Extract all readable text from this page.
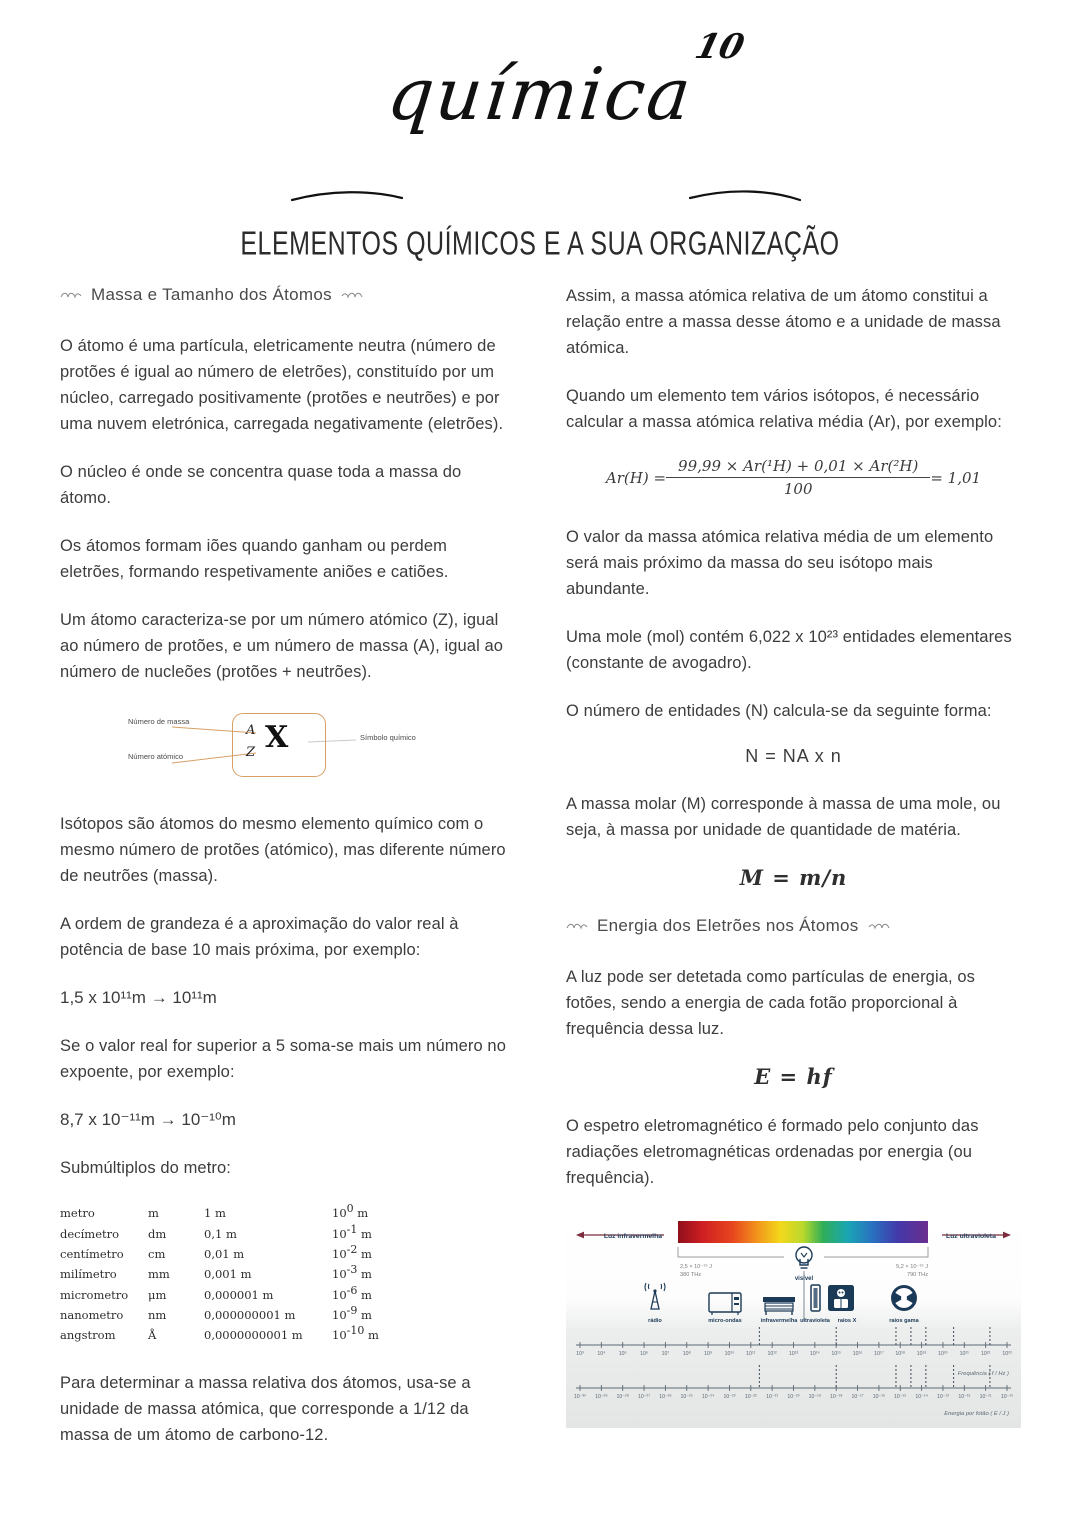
química
10
ELEMENTOS QUÍMICOS E A SUA ORGANIZAÇÃO
Massa e Tamanho dos Átomos

O átomo é uma partícula, eletricamente neutra (número de protões é igual ao número de eletrões), constituído por um núcleo, carregado positivamente (protões e neutrões) e por uma nuvem eletrónica, carregada negativamente (eletrões).

O núcleo é onde se concentra quase toda a massa do átomo.

Os átomos formam iões quando ganham ou perdem eletrões, formando respetivamente aniões e catiões.

Um átomo caracteriza-se por um número atómico (Z), igual ao número de protões, e um número de massa (A), igual ao número de nucleões (protões + neutrões).

A
Z X
Número de massa
Número atómico
Símbolo químico

Isótopos são átomos do mesmo elemento químico com o mesmo número de protões (atómico), mas diferente número de neutrões (massa).

A ordem de grandeza é a aproximação do valor real à potência de base 10 mais próxima, por exemplo:

1,5 x 10¹¹m → 10¹¹m

Se o valor real for superior a 5 soma-se mais um número no expoente, por exemplo:

8,7 x 10⁻¹¹m → 10⁻¹⁰m

Submúltiplos do metro:

metro	m	1 m	$10^0$ m
decímetro	dm	0,1 m	$10^{-1}$ m
centímetro	cm	0,01 m	$10^{-2}$ m
milímetro	mm	0,001 m	$10^{-3}$ m
micrometro	μm	0,000001 m	$10^{-6}$ m
nanometro	nm	0,000000001 m	$10^{-9}$ m
angstrom	Å	0,0000000001 m	$10^{-10}$ m

Para determinar a massa relativa dos átomos, usa-se a unidade de massa atómica, que corresponde a 1/12 da massa de um átomo de carbono-12.

Assim, a massa atómica relativa de um átomo constitui a relação entre a massa desse átomo e a unidade de massa atómica.

Quando um elemento tem vários isótopos, é necessário calcular a massa atómica relativa média (Ar), por exemplo:

$Ar(H) = \frac{\text{99,99 × Ar(¹H) + 0,01 × Ar(²H)}}{100} = 1,01$

O valor da massa atómica relativa média de um elemento será mais próximo da massa do seu isótopo mais abundante.

Uma mole (mol) contém 6,022 x 10²³ entidades elementares (constante de avogadro).

O número de entidades (N) calcula-se da seguinte forma:

N = NA x n

A massa molar (M) corresponde à massa de uma mole, ou seja, à massa por unidade de quantidade de matéria.

M = m/n
Energia dos Eletrões nos Átomos

A luz pode ser detetada como partículas de energia, os fotões, sendo a energia de cada fotão proporcional à frequência dessa luz.

E = hf

O espetro eletromagnético é formado pelo conjunto das radiações eletromagnéticas ordenadas por energia (ou frequência).

Luz infravermelha	Luz ultravioleta
2,5 × 10⁻¹⁹ J
380 THz
5,2 × 10⁻¹⁹ J
790 THz
visível
rádio	micro-ondas	infravermelha ultravioleta raios X	raios gama
10³	10⁴	10⁵	10⁶	10⁷	10⁸	10⁹ 10¹⁰ 10¹¹ 10¹² 10¹³ 10¹⁴ 10¹⁵ 10¹⁶ 10¹⁷ 10¹⁸ 10¹⁹ 10²⁰ 10²¹ 10²² 10²³
10⁻³⁰ 10⁻²⁹ 10⁻²⁸ 10⁻²⁷ 10⁻²⁶ 10⁻²⁵ 10⁻²⁴ 10⁻²³ 10⁻²² 10⁻²¹ 10⁻²⁰ 10⁻¹⁹ 10⁻¹⁸ 10⁻¹⁷ 10⁻¹⁶ 10⁻¹⁵ 10⁻¹⁴ 10⁻¹³ 10⁻¹² 10⁻¹¹ 10⁻¹⁰
Frequência ( f / Hz )
Energia por fotão ( E / J )
